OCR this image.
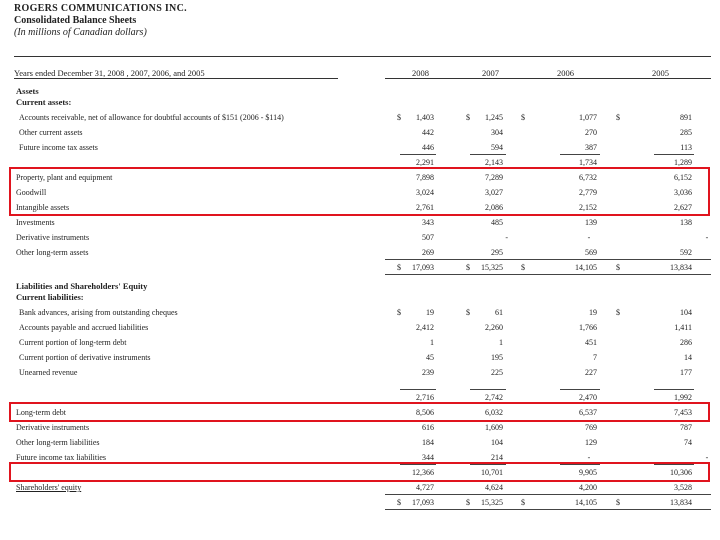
ROGERS COMMUNICATIONS INC.
Consolidated Balance Sheets
(In millions of Canadian dollars)
Years ended December 31, 2008 , 2007, 2006, and 2005	2008	2007	2006	2005
Assets
Current assets:
Accounts receivable, net of allowance for doubtful accounts of $151 (2006 - $114)	$	1,403	$	1,245 $	1,077 $	891
Other current assets	442	304	270	285
Future income tax assets	446	594	387	113
2,291	2,143	1,734	1,289
Property, plant and equipment	7,898	7,289	6,732	6,152
Goodwill	3,024	3,027	2,779	3,036
Intangible assets	2,761	2,086	2,152	2,627
Investments	343	485	139	138
Derivative instruments	507	-	-	-
Other long-term assets	269	295	569	592
$	17,093	$	15,325 $	14,105 $	13,834
Liabilities and Shareholders' Equity
Current liabilities:
Bank advances, arising from outstanding cheques	$	19	$	61	19 $	104
Accounts payable and accrued liabilities	2,412	2,260	1,766	1,411
Current portion of long-term debt	1	1	451	286
Current portion of derivative instruments	45	195	7	14
Unearned revenue	239	225	227	177
2,716	2,742	2,470	1,992
Long-term debt	8,506	6,032	6,537	7,453
Derivative instruments	616	1,609	769	787
Other long-term liabilities	184	104	129	74
Future income tax liabilities	344	214	-	-
12,366	10,701	9,905	10,306
Shareholders' equity	4,727	4,624	4,200	3,528
$	17,093	$	15,325 $	14,105 $	13,834
